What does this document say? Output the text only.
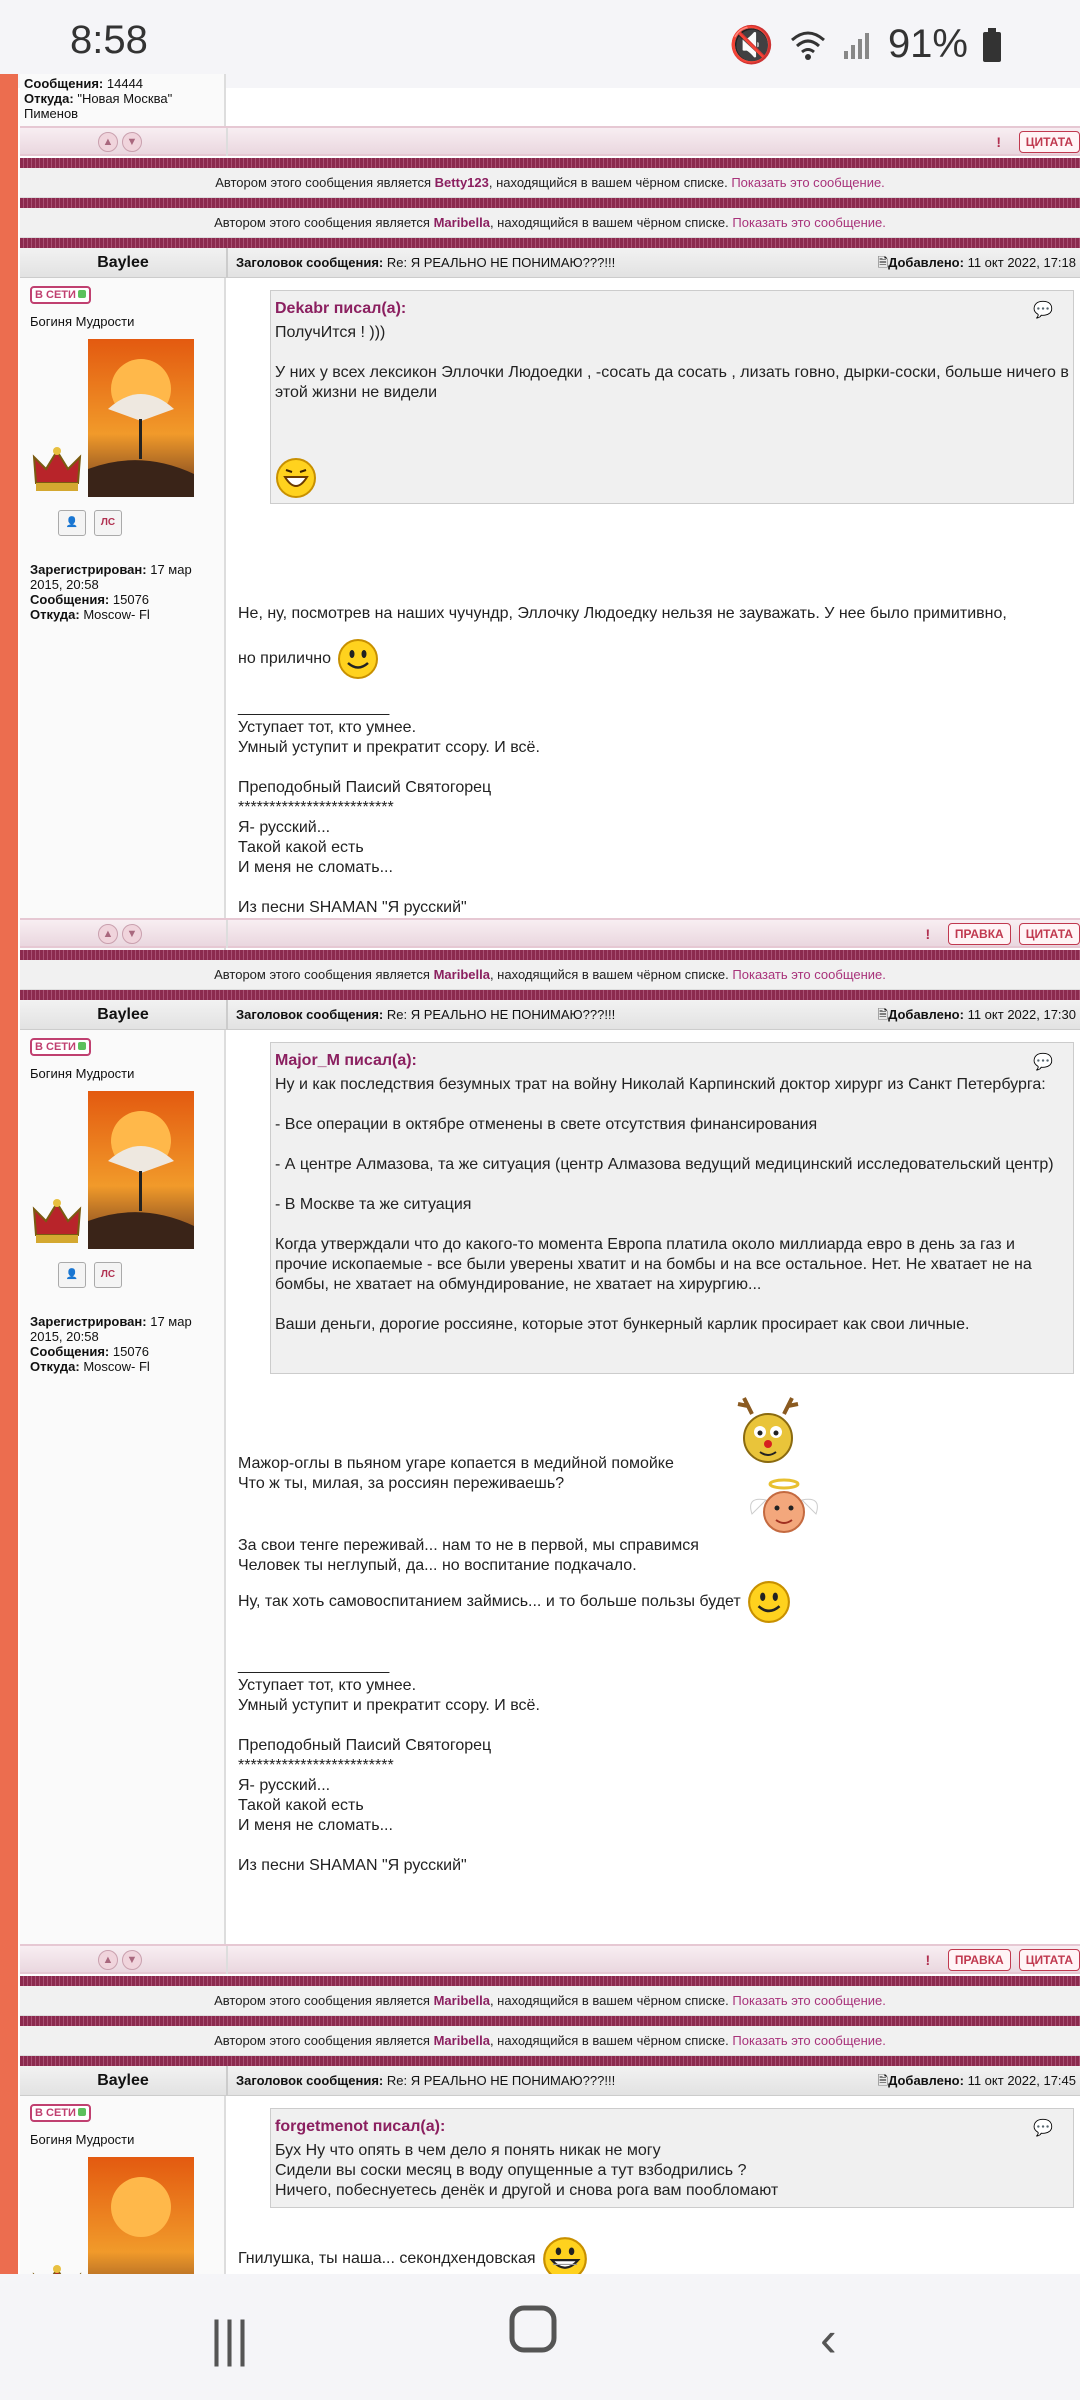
8:58	🔇	91%
Сообщения: 14444
Откуда: "Новая Москва" Пименов
▲	▼	!	ЦИТАТА
Автором этого сообщения является Betty123, находящийся в вашем чёрном списке. Показать это сообщение.
Автором этого сообщения является Maribella, находящийся в вашем чёрном списке. Показать это сообщение.
Baylee	Заголовок сообщения: Re: Я РЕАЛЬНО НЕ ПОНИМАЮ???!!!	🗎Добавлено: 11 окт 2022, 17:18
В СЕТИ
Богиня Мудрости

👤	ЛС
Зарегистрирован: 17 мар 2015, 20:58
Сообщения: 15076
Откуда: Moscow- Fl
Dekabr писал(а):	💬
ПолучИтся ! )))

У них у всех лексикон Эллочки Людоедки , -сосать да сосать , лизать говно, дырки-соски, больше ничего в этой жизни не видели
Не, ну, посмотрев на наших чучундр, Эллочку Людоедку нельзя не зауважать. У нее было примитивно,
но прилично
_________________
Уступает тот, кто умнее.
Умный уступит и прекратит ссору. И всё.

Преподобный Паисий Святогорец
*************************
Я- русский...
Такой какой есть
И меня не сломать...

Из песни SHAMAN "Я русский"
▲	▼	!	ПРАВКА	ЦИТАТА
Автором этого сообщения является Maribella, находящийся в вашем чёрном списке. Показать это сообщение.
Baylee	Заголовок сообщения: Re: Я РЕАЛЬНО НЕ ПОНИМАЮ???!!!	🗎Добавлено: 11 окт 2022, 17:30
В СЕТИ
Богиня Мудрости

👤	ЛС
Зарегистрирован: 17 мар 2015, 20:58
Сообщения: 15076
Откуда: Moscow- Fl
Major_M писал(а):	💬
Ну и как последствия безумных трат на войну Николай Карпинский доктор хирург из Санкт Петербурга:

- Все операции в октябре отменены в свете отсутствия финансирования

- А центре Алмазова, та же ситуация (центр Алмазова ведущий медицинский исследовательский центр)

- В Москве та же ситуация

Когда утверждали что до какого-то момента Европа платила около миллиарда евро в день за газ и прочие ископаемые - все были уверены хватит и на бомбы и на все остальное. Нет. Не хватает не на бомбы, не хватает на обмундирование, не хватает на хирургию...

Ваши деньги, дорогие россияне, которые этот бункерный карлик просирает как свои личные.
Мажор-оглы в пьяном угаре копается в медийной помойке
Что ж ты, милая, за россиян переживаешь?
За свои тенге переживай... нам то не в первой, мы справимся
Человек ты неглупый, да... но воспитание подкачало.
Ну, так хоть самовоспитанием займись... и то больше пользы будет
_________________
Уступает тот, кто умнее.
Умный уступит и прекратит ссору. И всё.

Преподобный Паисий Святогорец
*************************
Я- русский...
Такой какой есть
И меня не сломать...

Из песни SHAMAN "Я русский"
▲	▼	!	ПРАВКА	ЦИТАТА
Автором этого сообщения является Maribella, находящийся в вашем чёрном списке. Показать это сообщение.
Автором этого сообщения является Maribella, находящийся в вашем чёрном списке. Показать это сообщение.
Baylee	Заголовок сообщения: Re: Я РЕАЛЬНО НЕ ПОНИМАЮ???!!!	🗎Добавлено: 11 окт 2022, 17:45
В СЕТИ
Богиня Мудрости

forgetmenot писал(а):	💬
Бух Ну что опять в чем дело я понять никак не могу
Сидели вы соски месяц в воду опущенные а тут взбодрились ?
Ничего, побеснуетесь денёк и другой и снова рога вам пообломают
Гнилушка, ты наша... секондхендовская
|||	‹
